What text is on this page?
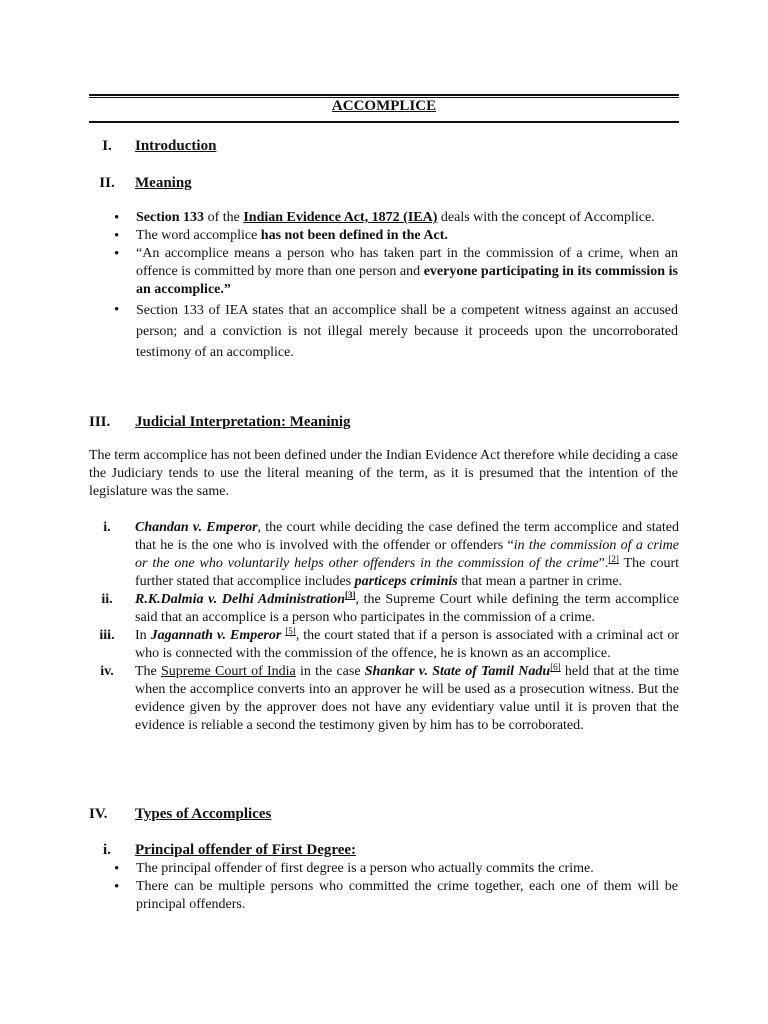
ACCOMPLICE
I.	Introduction
II.	Meaning
• Section 133 of the Indian Evidence Act, 1872 (IEA) deals with the concept of Accomplice.
• The word accomplice has not been defined in the Act.
• “An accomplice means a person who has taken part in the commission of a crime, when an offence is committed by more than one person and everyone participating in its commission is an accomplice.”
• Section 133 of IEA states that an accomplice shall be a competent witness against an accused person; and a conviction is not illegal merely because it proceeds upon the uncorroborated testimony of an accomplice.
III.	Judicial Interpretation: Meaninig

The term accomplice has not been defined under the Indian Evidence Act therefore while deciding a case the Judiciary tends to use the literal meaning of the term, as it is presumed that the intention of the legislature was the same.

i.	Chandan v. Emperor, the court while deciding the case defined the term accomplice and stated that he is the one who is involved with the offender or offenders “in the commission of a crime or the one who voluntarily helps other offenders in the commission of the crime”.[2] The court further stated that accomplice includes particeps criminis that mean a partner in crime.
ii.	R.K.Dalmia v. Delhi Administration[3], the Supreme Court while defining the term accomplice said that an accomplice is a person who participates in the commission of a crime.
iii.	In Jagannath v. Emperor [5], the court stated that if a person is associated with a criminal act or who is connected with the commission of the offence, he is known as an accomplice.
iv.	The Supreme Court of India in the case Shankar v. State of Tamil Nadu[6] held that at the time when the accomplice converts into an approver he will be used as a prosecution witness. But the evidence given by the approver does not have any evidentiary value until it is proven that the evidence is reliable a second the testimony given by him has to be corroborated.
IV.	Types of Accomplices
i.	Principal offender of First Degree:
• The principal offender of first degree is a person who actually commits the crime.
• There can be multiple persons who committed the crime together, each one of them will be principal offenders.
